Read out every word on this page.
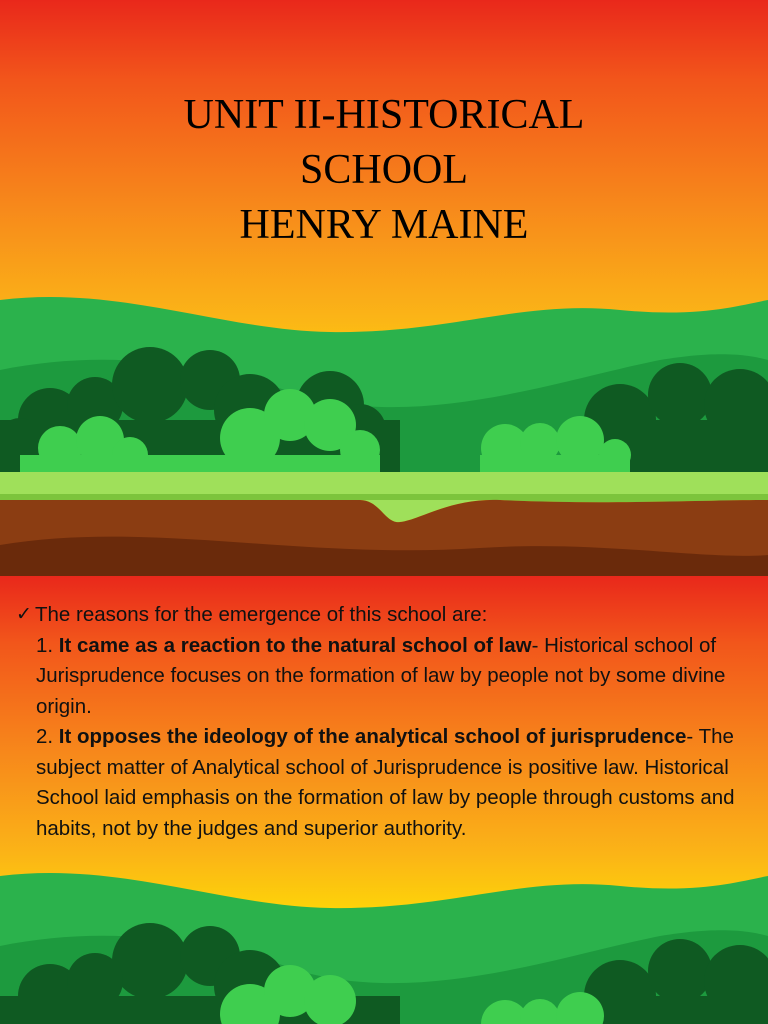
UNIT II-HISTORICAL
SCHOOL
HENRY MAINE
✓ The reasons for the emergence of this school are:
1. It came as a reaction to the natural school of law- Historical school of Jurisprudence focuses on the formation of law by people not by some divine origin.
2. It opposes the ideology of the analytical school of jurisprudence- The subject matter of Analytical school of Jurisprudence is positive law. Historical School laid emphasis on the formation of law by people through customs and habits, not by the judges and superior authority.
